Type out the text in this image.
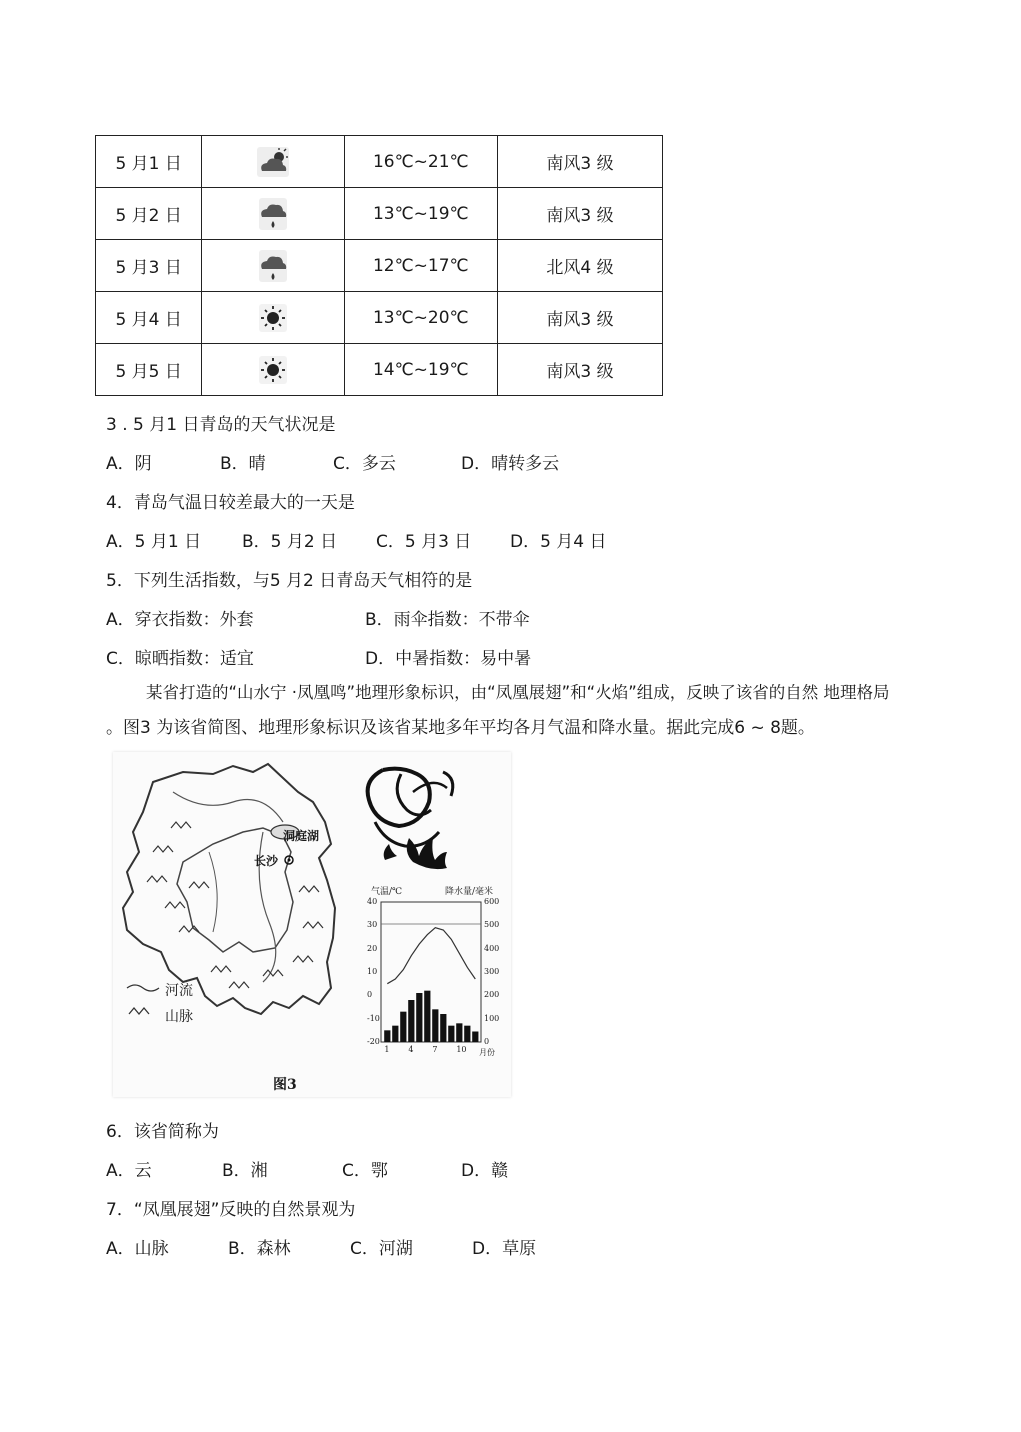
5 月1 日		16℃~21℃	南风3 级
5 月2 日		13℃~19℃	南风3 级
5 月3 日		12℃~17℃	北风4 级
5 月4 日		13℃~20℃	南风3 级
5 月5 日		14℃~19℃	南风3 级
3 . 5 月1 日青岛的天气状况是
A．阴	B．晴	C．多云	D．晴转多云
4．青岛气温日较差最大的一天是
A．5 月1 日 B．5 月2 日 C．5 月3 日 D．5 月4 日
5．下列生活指数，与5 月2 日青岛天气相符的是
A．穿衣指数：外套	B．雨伞指数：不带伞
C．晾晒指数：适宜	D．中暑指数：易中暑
某省打造的“山水宁 ·凤凰鸣”地理形象标识，由“凤凰展翅”和“火焰”组成，反映了该省的自然 地理格局
。图3 为该省简图、地理形象标识及该省某地多年平均各月气温和降水量。据此完成6 ~ 8题。
洞庭湖
长沙
河流
山脉
气温/℃	降水量/毫米
月份
图3
40
30
20
10
0
-10
-20
600
500
400
300
200
100
0
1 4 7 10
6．该省简称为
A．云	B．湘	C．鄂	D．赣
7．“凤凰展翅”反映的自然景观为
A．山脉	B．森林	C．河湖	D．草原
